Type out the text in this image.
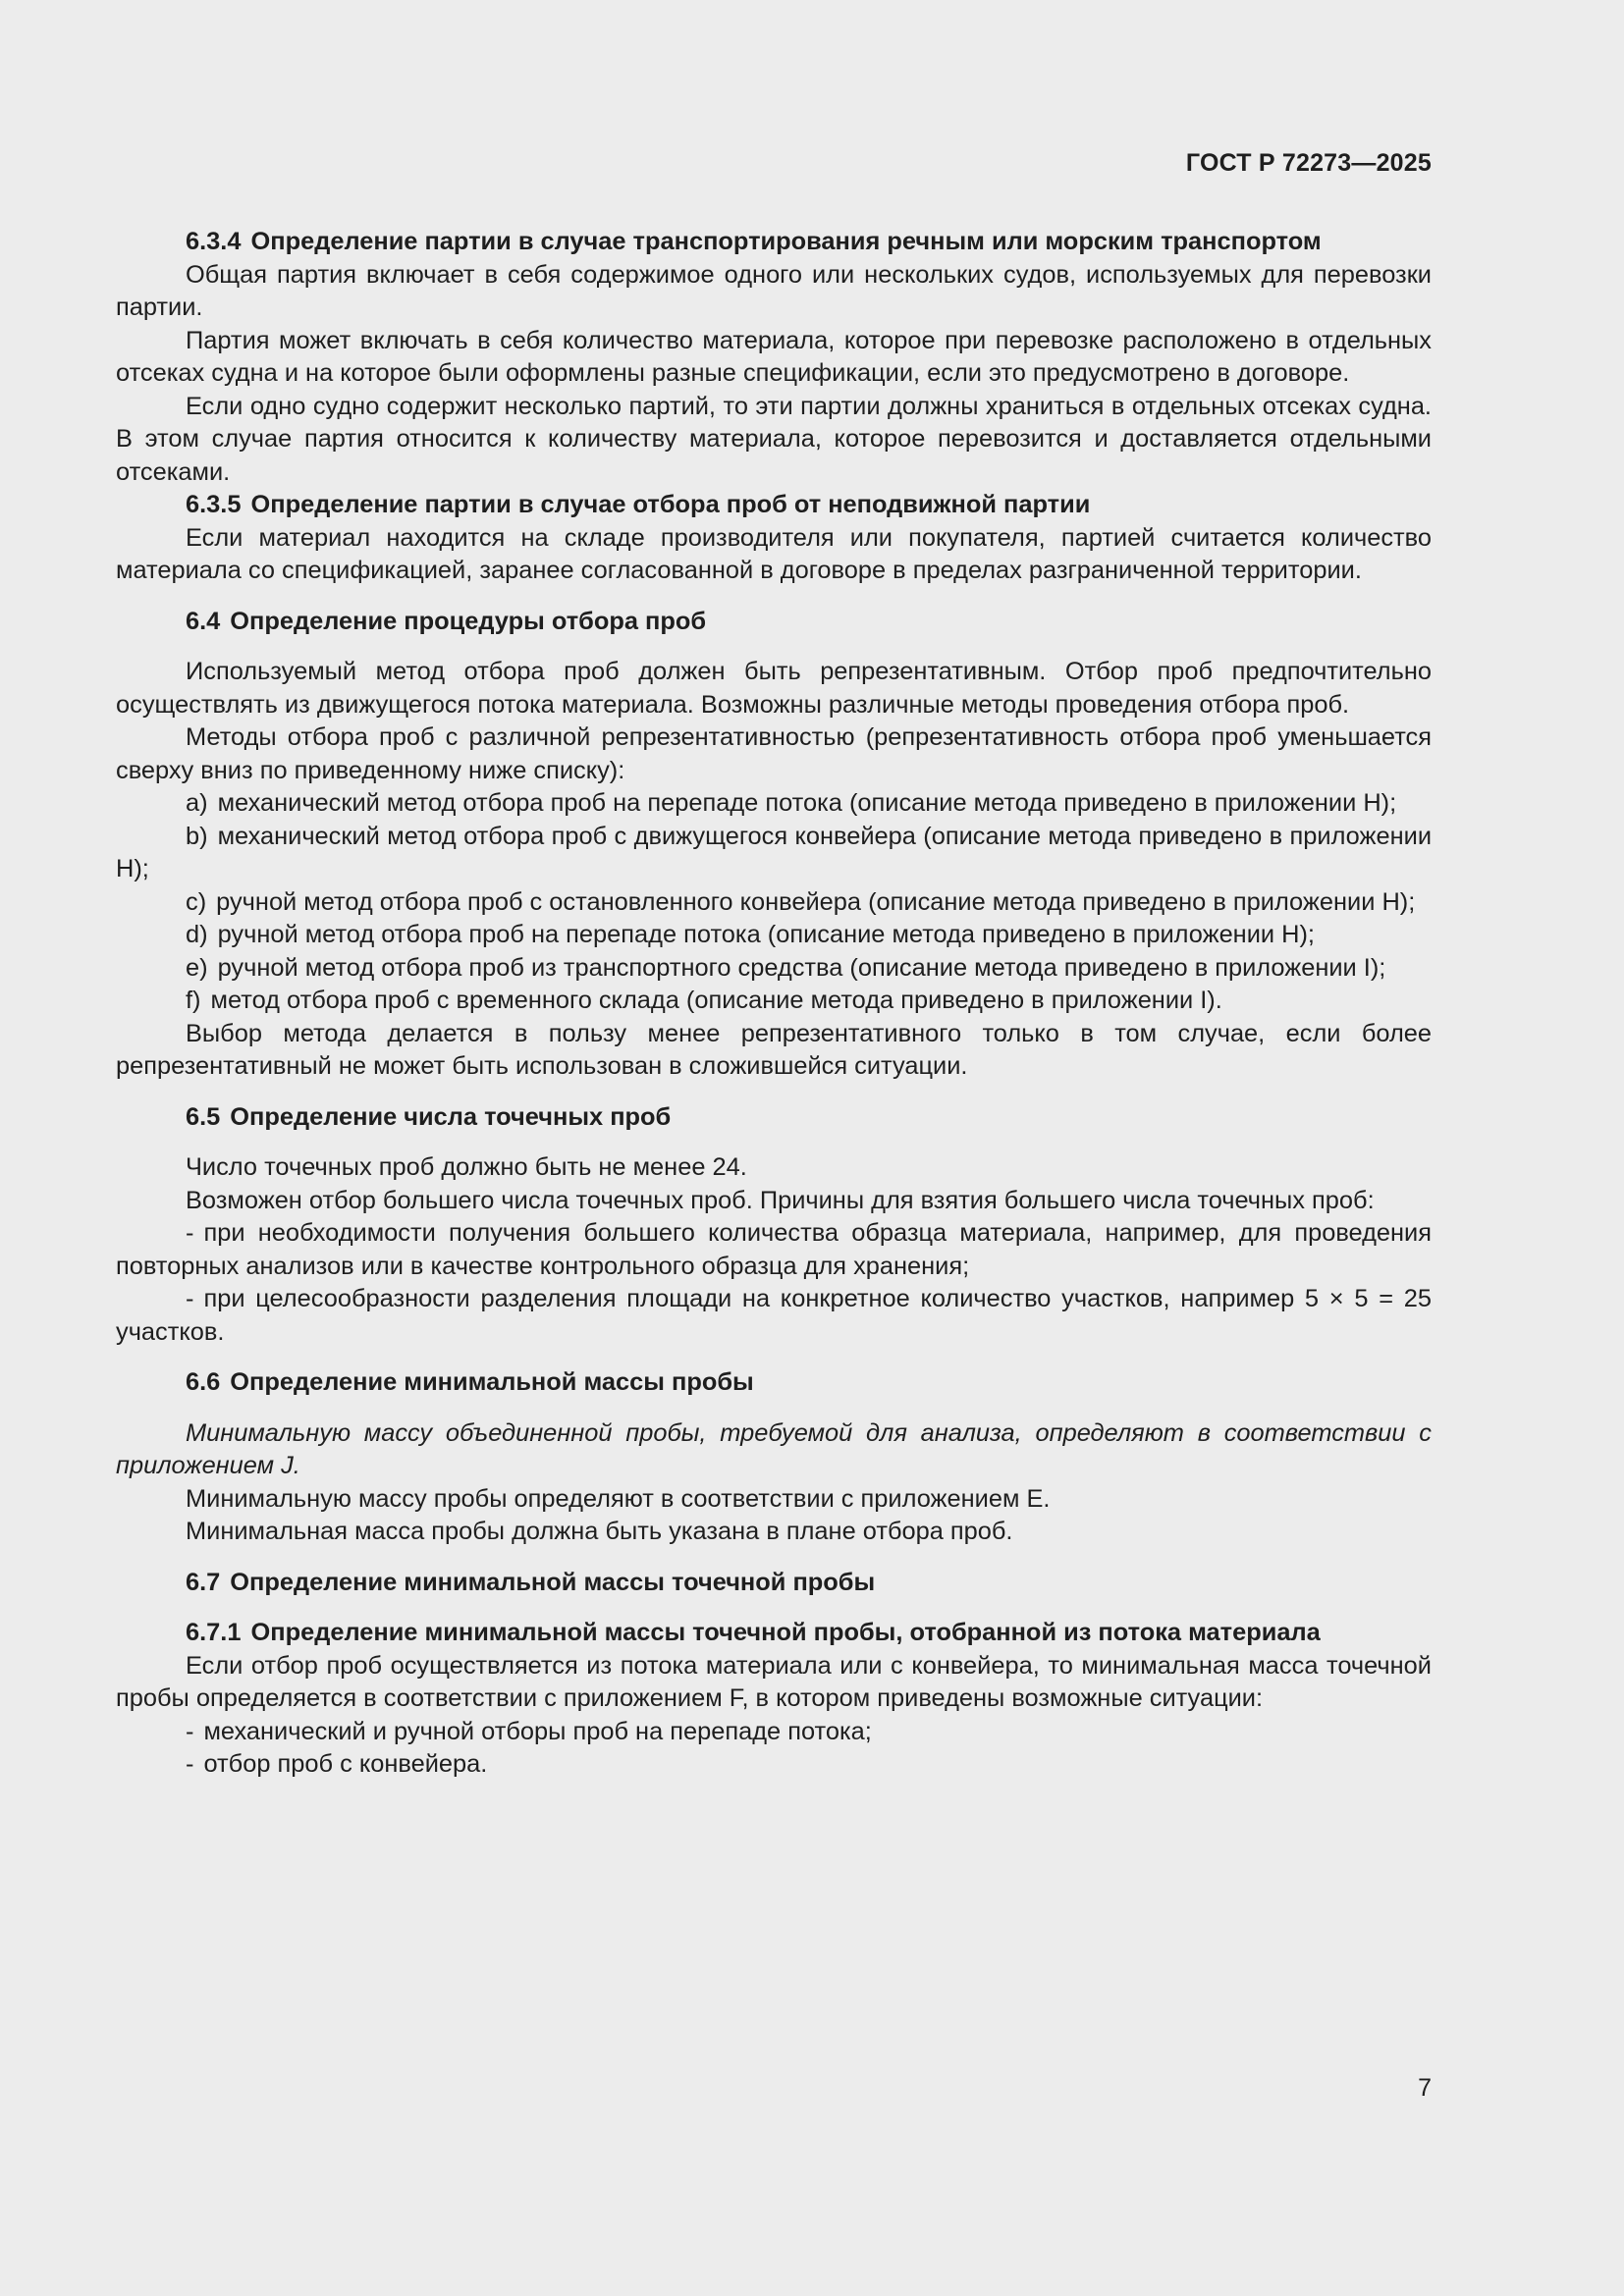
ГОСТ Р 72273—2025

6.3.4 Определение партии в случае транспортирования речным или морским транспортом

Общая партия включает в себя содержимое одного или нескольких судов, используемых для перевозки партии.

Партия может включать в себя количество материала, которое при перевозке расположено в отдельных отсеках судна и на которое были оформлены разные спецификации, если это предусмотрено в договоре.

Если одно судно содержит несколько партий, то эти партии должны храниться в отдельных отсеках судна. В этом случае партия относится к количеству материала, которое перевозится и доставляется отдельными отсеками.

6.3.5 Определение партии в случае отбора проб от неподвижной партии

Если материал находится на складе производителя или покупателя, партией считается количество материала со спецификацией, заранее согласованной в договоре в пределах разграниченной территории.

6.4 Определение процедуры отбора проб

Используемый метод отбора проб должен быть репрезентативным. Отбор проб предпочтительно осуществлять из движущегося потока материала. Возможны различные методы проведения отбора проб.

Методы отбора проб с различной репрезентативностью (репрезентативность отбора проб уменьшается сверху вниз по приведенному ниже списку):

a) механический метод отбора проб на перепаде потока (описание метода приведено в приложении Н);

b) механический метод отбора проб с движущегося конвейера (описание метода приведено в приложении Н);

c) ручной метод отбора проб с остановленного конвейера (описание метода приведено в приложении Н);

d) ручной метод отбора проб на перепаде потока (описание метода приведено в приложении Н);

e) ручной метод отбора проб из транспортного средства (описание метода приведено в приложении I);

f) метод отбора проб с временного склада (описание метода приведено в приложении I).

Выбор метода делается в пользу менее репрезентативного только в том случае, если более репрезентативный не может быть использован в сложившейся ситуации.

6.5 Определение числа точечных проб

Число точечных проб должно быть не менее 24.

Возможен отбор большего числа точечных проб. Причины для взятия большего числа точечных проб:

- при необходимости получения большего количества образца материала, например, для проведения повторных анализов или в качестве контрольного образца для хранения;

- при целесообразности разделения площади на конкретное количество участков, например 5 × 5 = 25 участков.

6.6 Определение минимальной массы пробы

Минимальную массу объединенной пробы, требуемой для анализа, определяют в соответствии с приложением J.

Минимальную массу пробы определяют в соответствии с приложением Е.

Минимальная масса пробы должна быть указана в плане отбора проб.

6.7 Определение минимальной массы точечной пробы

6.7.1 Определение минимальной массы точечной пробы, отобранной из потока материала

Если отбор проб осуществляется из потока материала или с конвейера, то минимальная масса точечной пробы определяется в соответствии с приложением F, в котором приведены возможные ситуации:

- механический и ручной отборы проб на перепаде потока;

- отбор проб с конвейера.

7
